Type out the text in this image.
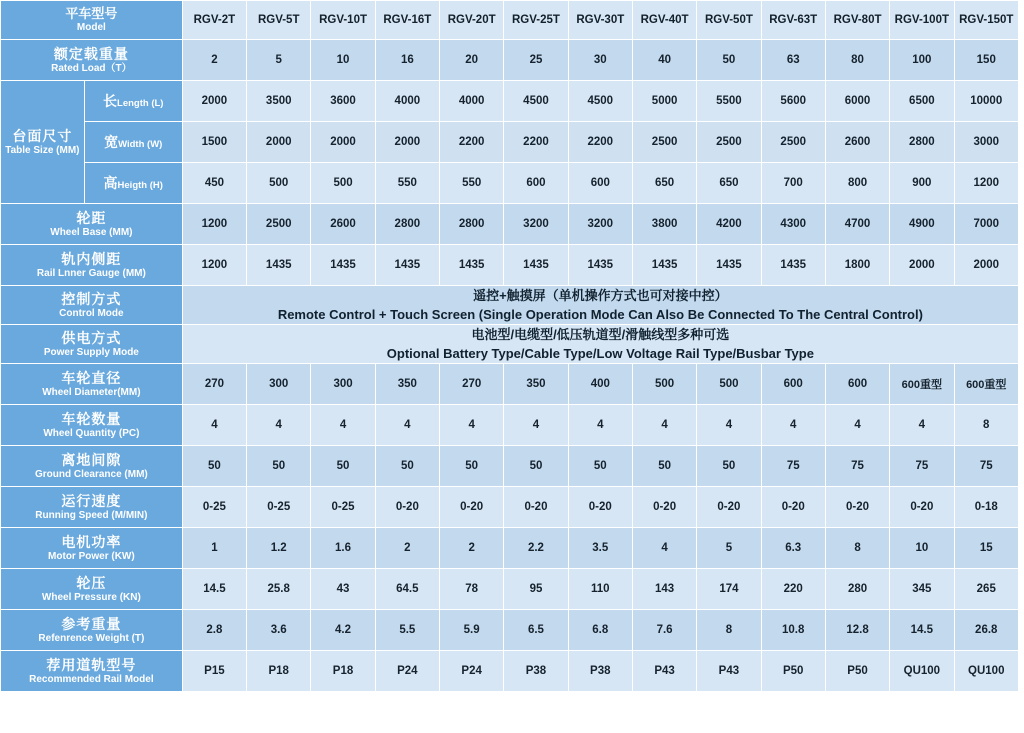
平车型号
Model		RGV-2T	RGV-5T	RGV-10T	RGV-16T	RGV-20T	RGV-25T	RGV-30T	RGV-40T	RGV-50T	RGV-63T	RGV-80T	RGV-100T	RGV-150T

额定载重量
Rated Load（T）		2	5	10	16	20	25	30	40	50	63	80	100	150

台面尺寸
Table Size (MM)	长Length (L)	2000	3500	3600	4000	4000	4500	4500	5000	5500	5600	6000	6500	10000
	宽Width (W)	1500	2000	2000	2000	2200	2200	2200	2500	2500	2500	2600	2800	3000
	高Heigth (H)	450	500	500	550	550	600	600	650	650	700	800	900	1200

轮距
Wheel Base (MM)		1200	2500	2600	2800	2800	3200	3200	3800	4200	4300	4700	4900	7000

轨内侧距
Rail Lnner Gauge (MM)		1200	1435	1435	1435	1435	1435	1435	1435	1435	1435	1800	2000	2000

控制方式
Control Mode		遥控+触摸屏（单机操作方式也可对接中控）
Remote Control + Touch Screen (Single Operation Mode Can Also Be Connected To The Central Control)												

供电方式
Power Supply Mode		电池型/电缆型/低压轨道型/滑触线型多种可选
Optional Battery Type/Cable Type/Low Voltage Rail Type/Busbar Type												

车轮直径
Wheel Diameter(MM)		270	300	300	350	270	350	400	500	500	600	600	600重型	600重型

车轮数量
Wheel Quantity (PC)		4	4	4	4	4	4	4	4	4	4	4	4	8

离地间隙
Ground Clearance (MM)		50	50	50	50	50	50	50	50	50	75	75	75	75

运行速度
Running Speed (M/MIN)		0-25	0-25	0-25	0-20	0-20	0-20	0-20	0-20	0-20	0-20	0-20	0-20	0-18

电机功率
Motor Power (KW)		1	1.2	1.6	2	2	2.2	3.5	4	5	6.3	8	10	15

轮压
Wheel Pressure (KN)		14.5	25.8	43	64.5	78	95	110	143	174	220	280	345	265

参考重量
Refenrence Weight (T)		2.8	3.6	4.2	5.5	5.9	6.5	6.8	7.6	8	10.8	12.8	14.5	26.8

荐用道轨型号
Recommended Rail Model		P15	P18	P18	P24	P24	P38	P38	P43	P43	P50	P50	QU100	QU100
